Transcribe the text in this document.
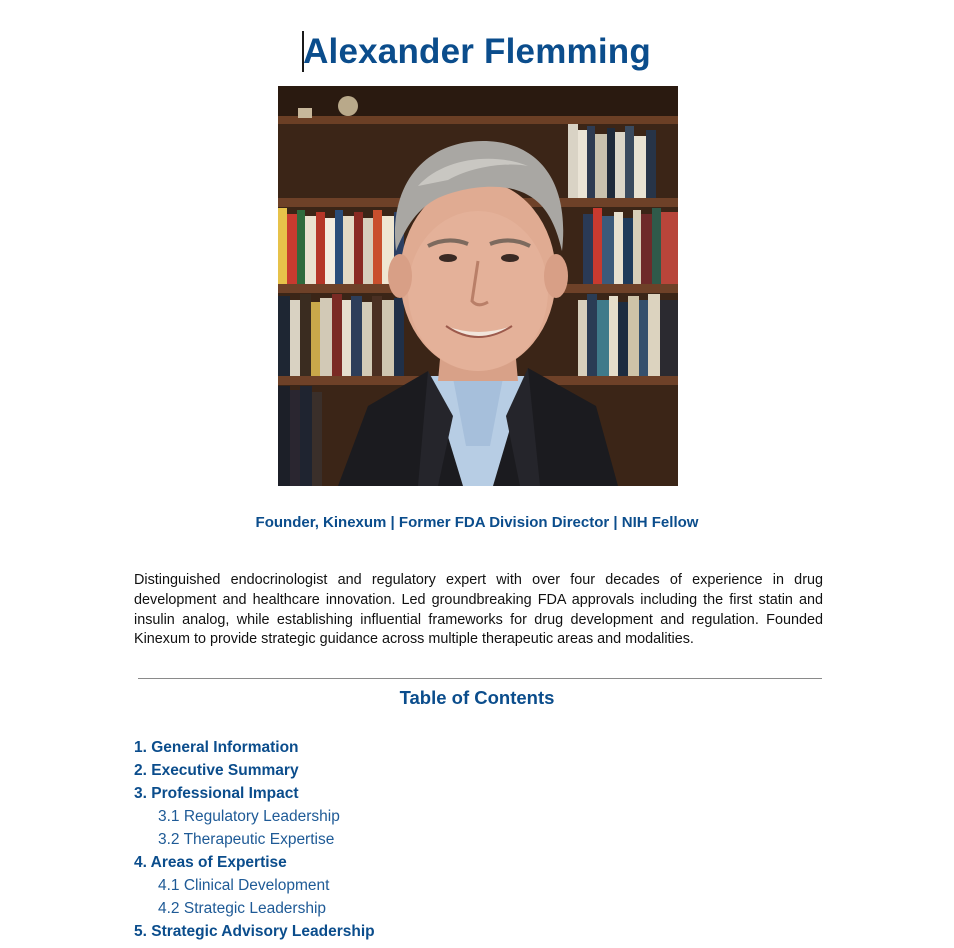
Alexander Flemming
Founder, Kinexum | Former FDA Division Director | NIH Fellow

Distinguished endocrinologist and regulatory expert with over four decades of experience in drug development and healthcare innovation. Led groundbreaking FDA approvals including the first statin and insulin analog, while establishing influential frameworks for drug development and regulation. Founded Kinexum to provide strategic guidance across multiple therapeutic areas and modalities.

Table of Contents
1. General Information
2. Executive Summary
3. Professional Impact
3.1 Regulatory Leadership
3.2 Therapeutic Expertise
4. Areas of Expertise
4.1 Clinical Development
4.2 Strategic Leadership
5. Strategic Advisory Leadership
